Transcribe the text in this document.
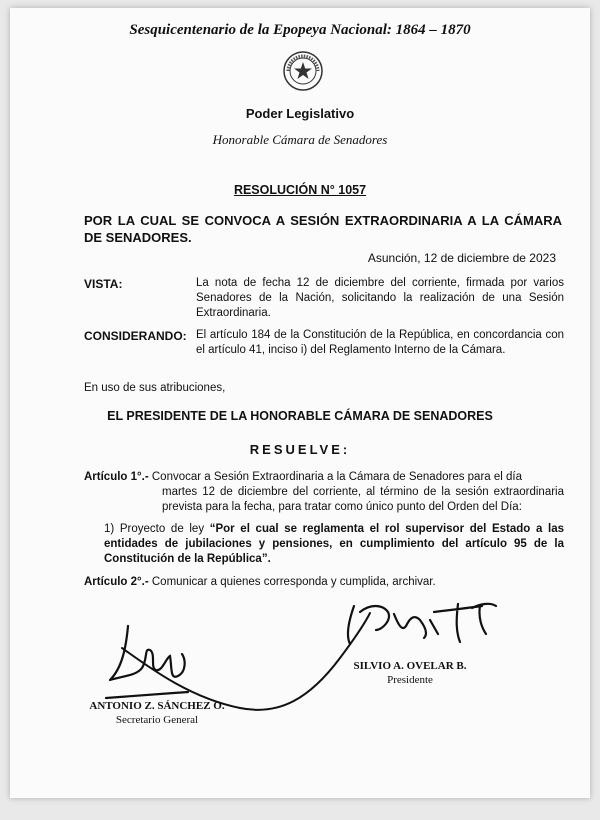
Sesquicentenario de la Epopeya Nacional: 1864 – 1870
Poder Legislativo
Honorable Cámara de Senadores
RESOLUCIÓN N° 1057
POR LA CUAL SE CONVOCA A SESIÓN EXTRAORDINARIA A LA CÁMARA DE SENADORES.
Asunción, 12 de diciembre de 2023
VISTA:	La nota de fecha 12 de diciembre del corriente, firmada por varios Senadores de la Nación, solicitando la realización de una Sesión Extraordinaria.
CONSIDERANDO: El artículo 184 de la Constitución de la República, en concordancia con el artículo 41, inciso i) del Reglamento Interno de la Cámara.
En uso de sus atribuciones,
EL PRESIDENTE DE LA HONORABLE CÁMARA DE SENADORES
RESUELVE:
Artículo 1°.- Convocar a Sesión Extraordinaria a la Cámara de Senadores para el día
martes 12 de diciembre del corriente, al término de la sesión extraordinaria prevista para la fecha, para tratar como único punto del Orden del Día:
1) Proyecto de ley “Por el cual se reglamenta el rol supervisor del Estado a las entidades de jubilaciones y pensiones, en cumplimiento del artículo 95 de la Constitución de la República”.
Artículo 2°.- Comunicar a quienes corresponda y cumplida, archivar.
SILVIO A. OVELAR B.
Presidente
ANTONIO Z. SÁNCHEZ O.
Secretario General
